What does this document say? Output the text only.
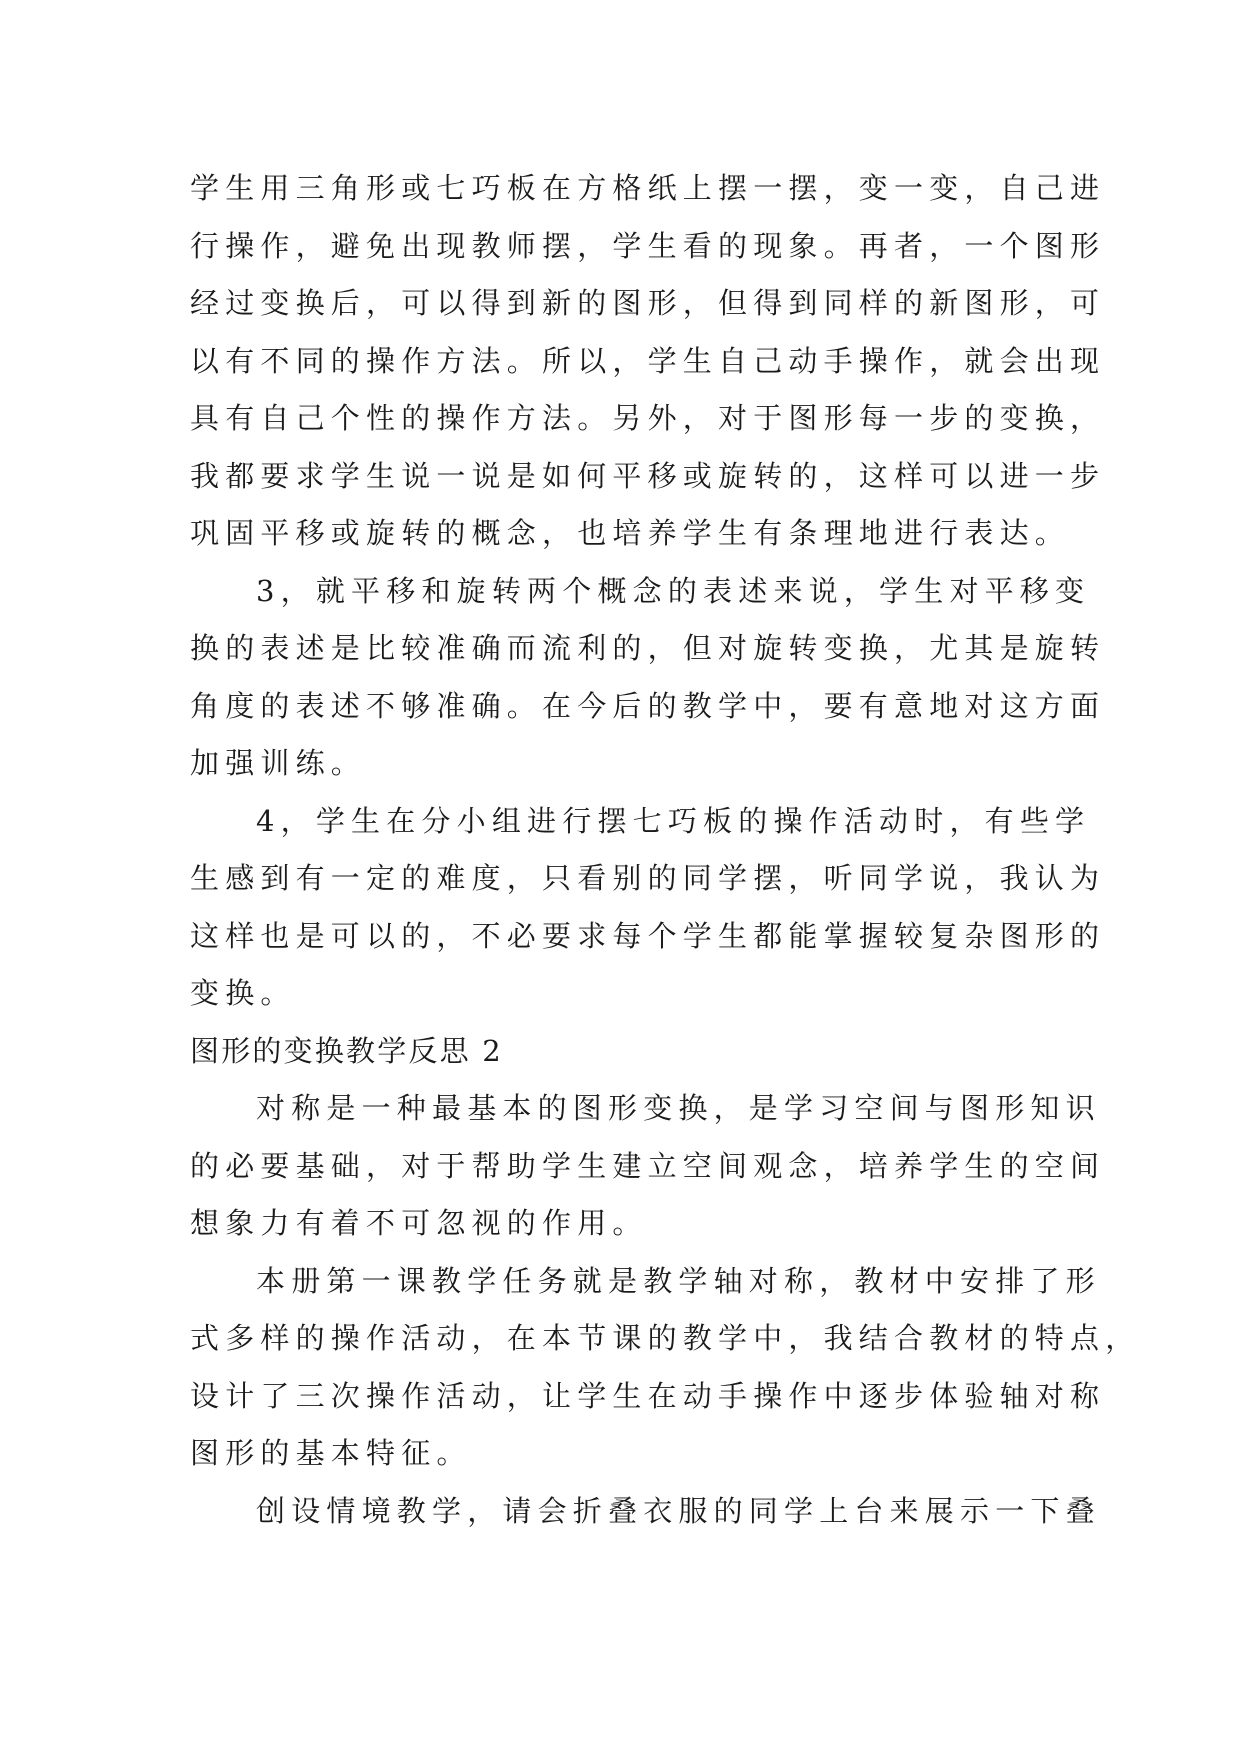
学生用三角形或七巧板在方格纸上摆一摆，变一变，自己进
行操作，避免出现教师摆，学生看的现象。再者，一个图形
经过变换后，可以得到新的图形，但得到同样的新图形，可
以有不同的操作方法。所以，学生自己动手操作，就会出现
具有自己个性的操作方法。另外，对于图形每一步的变换，
我都要求学生说一说是如何平移或旋转的，这样可以进一步
巩固平移或旋转的概念，也培养学生有条理地进行表达。
3，就平移和旋转两个概念的表述来说，学生对平移变
换的表述是比较准确而流利的，但对旋转变换，尤其是旋转
角度的表述不够准确。在今后的教学中，要有意地对这方面
加强训练。
4，学生在分小组进行摆七巧板的操作活动时，有些学
生感到有一定的难度，只看别的同学摆，听同学说，我认为
这样也是可以的，不必要求每个学生都能掌握较复杂图形的
变换。
图形的变换教学反思 2
对称是一种最基本的图形变换，是学习空间与图形知识
的必要基础，对于帮助学生建立空间观念，培养学生的空间
想象力有着不可忽视的作用。
本册第一课教学任务就是教学轴对称，教材中安排了形
式多样的操作活动，在本节课的教学中，我结合教材的特点，
设计了三次操作活动，让学生在动手操作中逐步体验轴对称
图形的基本特征。
创设情境教学，请会折叠衣服的同学上台来展示一下叠
